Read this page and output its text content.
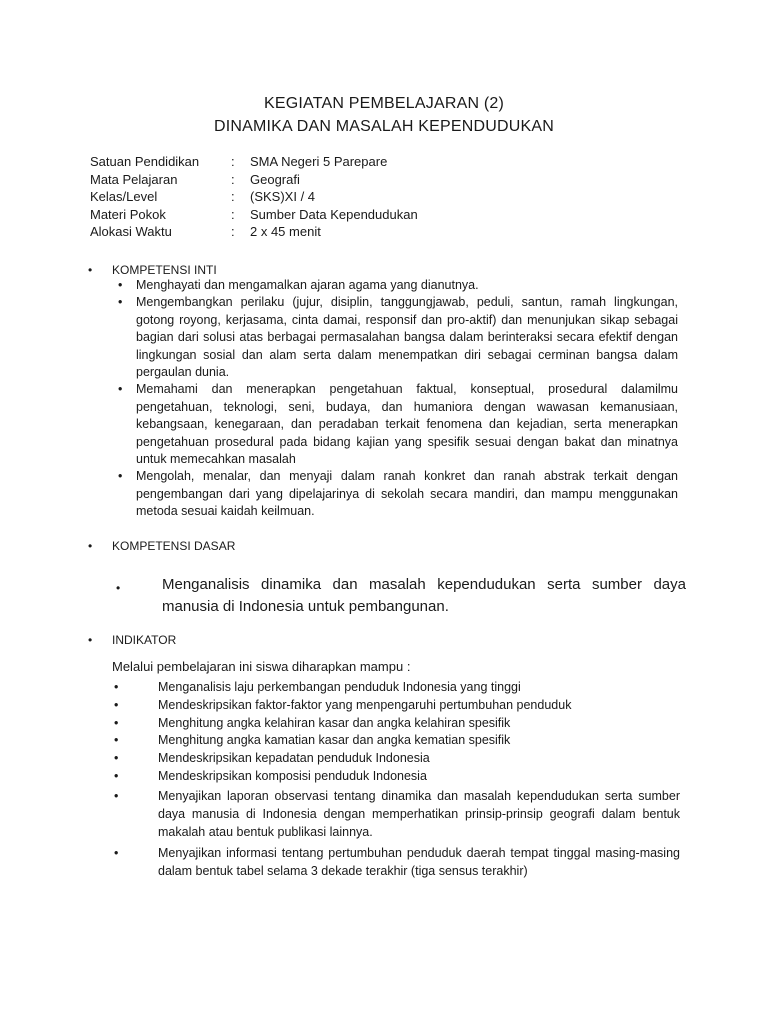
KEGIATAN PEMBELAJARAN (2)
DINAMIKA DAN MASALAH KEPENDUDUKAN
Satuan Pendidikan : SMA Negeri 5 Parepare
Mata Pelajaran	: Geografi
Kelas/Level	: (SKS)XI / 4
Materi Pokok	: Sumber Data Kependudukan
Alokasi Waktu	: 2 x 45 menit
• KOMPETENSI INTI
• Menghayati dan mengamalkan ajaran agama yang dianutnya.
• Mengembangkan perilaku (jujur, disiplin, tanggungjawab, peduli, santun, ramah lingkungan, gotong royong, kerjasama, cinta damai, responsif dan pro-aktif) dan menunjukan sikap sebagai bagian dari solusi atas berbagai permasalahan bangsa dalam berinteraksi secara efektif dengan lingkungan sosial dan alam serta dalam menempatkan diri sebagai cerminan bangsa dalam pergaulan dunia.
• Memahami dan menerapkan pengetahuan faktual, konseptual, prosedural dalamilmu pengetahuan, teknologi, seni, budaya, dan humaniora dengan wawasan kemanusiaan, kebangsaan, kenegaraan, dan peradaban terkait fenomena dan kejadian, serta menerapkan pengetahuan prosedural pada bidang kajian yang spesifik sesuai dengan bakat dan minatnya untuk memecahkan masalah
• Mengolah, menalar, dan menyaji dalam ranah konkret dan ranah abstrak terkait dengan pengembangan dari yang dipelajarinya di sekolah secara mandiri, dan mampu menggunakan metoda sesuai kaidah keilmuan.
• KOMPETENSI DASAR
•	Menganalisis dinamika dan masalah kependudukan serta sumber daya manusia di Indonesia untuk pembangunan.
• INDIKATOR
Melalui pembelajaran ini siswa diharapkan mampu :
•	Menganalisis laju perkembangan penduduk Indonesia yang tinggi
•	Mendeskripsikan faktor-faktor yang menpengaruhi pertumbuhan penduduk
•	Menghitung angka kelahiran kasar dan angka kelahiran spesifik
•	Menghitung angka kamatian kasar dan angka kematian spesifik
•	Mendeskripsikan kepadatan penduduk Indonesia
•	Mendeskripsikan komposisi penduduk Indonesia
•	Menyajikan laporan observasi tentang dinamika dan masalah kependudukan serta sumber daya manusia di Indonesia dengan memperhatikan prinsip-prinsip geografi dalam bentuk makalah atau bentuk publikasi lainnya.
•	Menyajikan informasi tentang pertumbuhan penduduk daerah tempat tinggal masing-masing dalam bentuk tabel selama 3 dekade terakhir (tiga sensus terakhir)
